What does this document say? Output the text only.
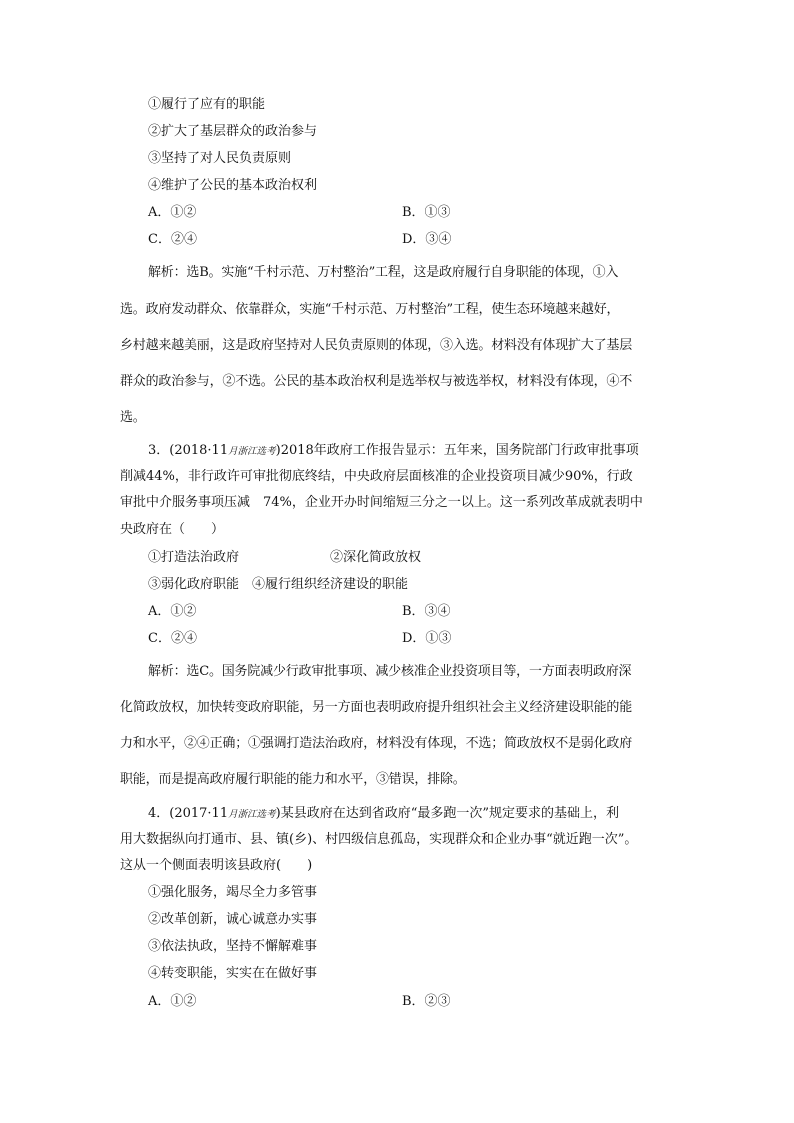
①履行了应有的职能
②扩大了基层群众的政治参与
③坚持了对人民负责原则
④维护了公民的基本政治权利
A．①②	B．①③
C．②④	D．③④
解析：选B。实施“千村示范、万村整治”工程，这是政府履行自身职能的体现，①入
选。政府发动群众、依靠群众，实施“千村示范、万村整治”工程，使生态环境越来越好，
乡村越来越美丽，这是政府坚持对人民负责原则的体现，③入选。材料没有体现扩大了基层
群众的政治参与，②不选。公民的基本政治权利是选举权与被选举权，材料没有体现，④不
选。
3．(2018·11月浙江选考)2018年政府工作报告显示：五年来，国务院部门行政审批事项
削减44%，非行政许可审批彻底终结，中央政府层面核准的企业投资项目减少90%，行政
审批中介服务事项压减　74%，企业开办时间缩短三分之一以上。这一系列改革成就表明中
央政府在（　　）
①打造法治政府	②深化简政放权
③弱化政府职能　④履行组织经济建设的职能
A．①②	B．③④
C．②④	D．①③
解析：选C。国务院减少行政审批事项、减少核准企业投资项目等，一方面表明政府深
化简政放权，加快转变政府职能，另一方面也表明政府提升组织社会主义经济建设职能的能
力和水平，②④正确；①强调打造法治政府，材料没有体现，不选；简政放权不是弱化政府
职能，而是提高政府履行职能的能力和水平，③错误，排除。
4．(2017·11月浙江选考)某县政府在达到省政府“最多跑一次”规定要求的基础上，利
用大数据纵向打通市、县、镇(乡)、村四级信息孤岛，实现群众和企业办事“就近跑一次”。
这从一个侧面表明该县政府(　　)
①强化服务，竭尽全力多管事
②改革创新，诚心诚意办实事
③依法执政，坚持不懈解难事
④转变职能，实实在在做好事
A．①②	B．②③
